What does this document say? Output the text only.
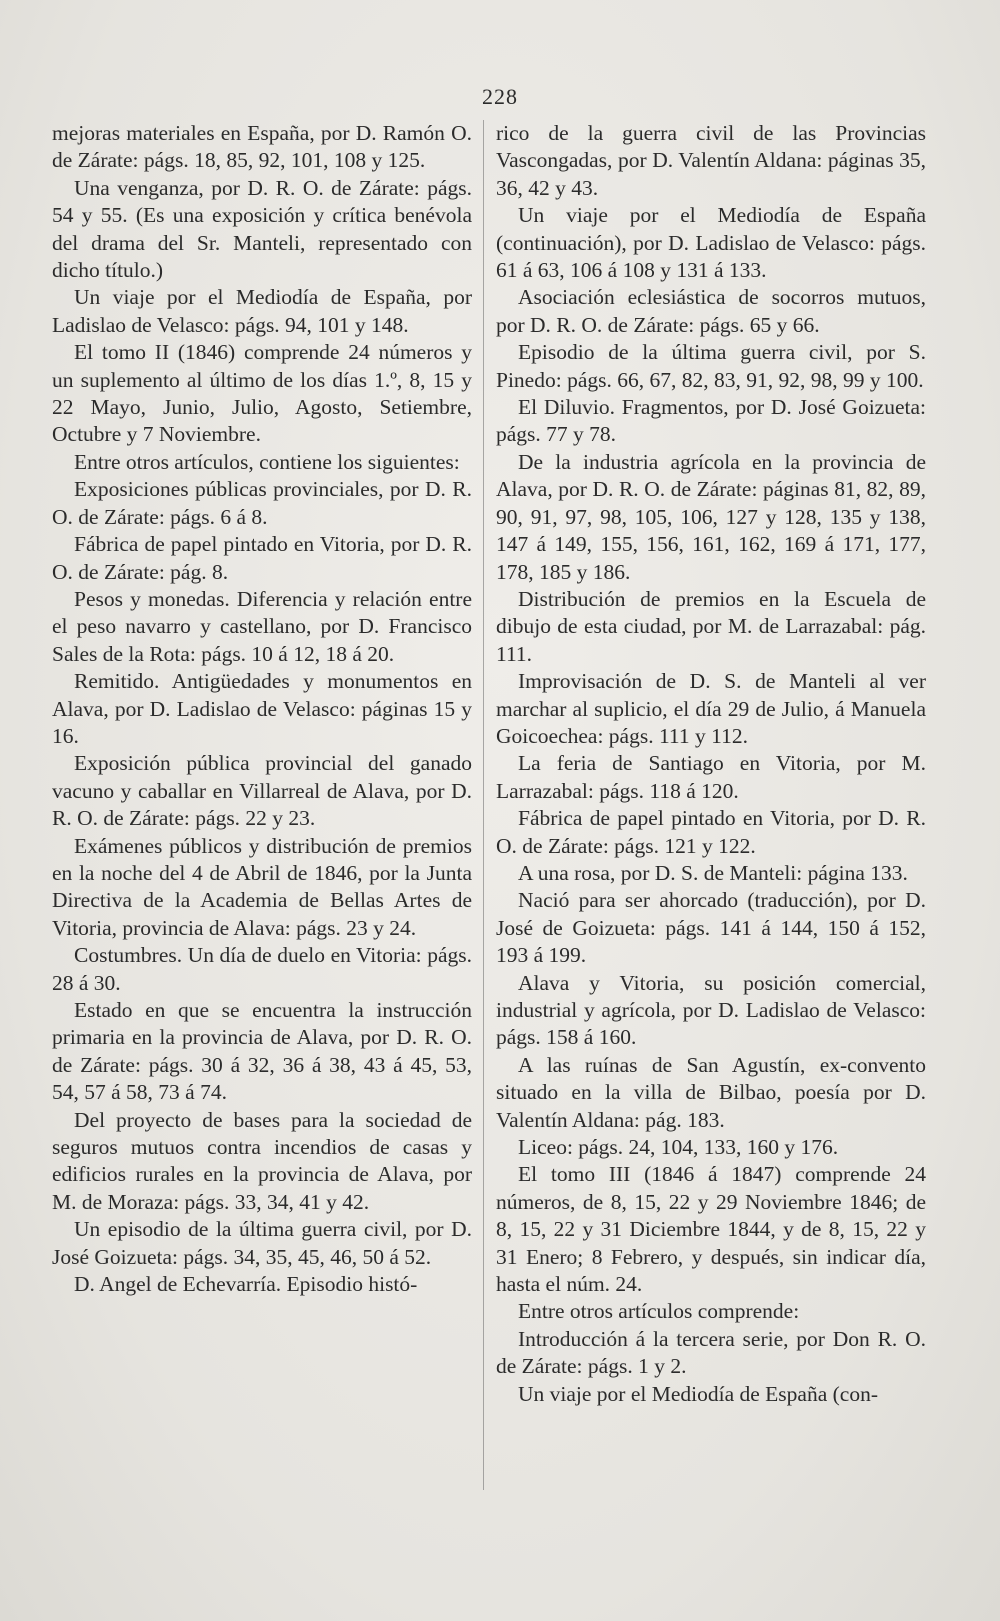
228

mejoras materiales en España, por D. Ramón O. de Zárate: págs. 18, 85, 92, 101, 108 y 125.

Una venganza, por D. R. O. de Zárate: págs. 54 y 55. (Es una exposición y crítica benévola del drama del Sr. Manteli, representado con dicho título.)

Un viaje por el Mediodía de España, por Ladislao de Velasco: págs. 94, 101 y 148.

El tomo II (1846) comprende 24 números y un suplemento al último de los días 1.º, 8, 15 y 22 Mayo, Junio, Julio, Agosto, Setiembre, Octubre y 7 Noviembre.

Entre otros artículos, contiene los siguientes:

Exposiciones públicas provinciales, por D. R. O. de Zárate: págs. 6 á 8.

Fábrica de papel pintado en Vitoria, por D. R. O. de Zárate: pág. 8.

Pesos y monedas. Diferencia y relación entre el peso navarro y castellano, por D. Francisco Sales de la Rota: págs. 10 á 12, 18 á 20.

Remitido. Antigüedades y monumentos en Alava, por D. Ladislao de Velasco: páginas 15 y 16.

Exposición pública provincial del ganado vacuno y caballar en Villarreal de Alava, por D. R. O. de Zárate: págs. 22 y 23.

Exámenes públicos y distribución de premios en la noche del 4 de Abril de 1846, por la Junta Directiva de la Academia de Bellas Artes de Vitoria, provincia de Alava: págs. 23 y 24.

Costumbres. Un día de duelo en Vitoria: págs. 28 á 30.

Estado en que se encuentra la instrucción primaria en la provincia de Alava, por D. R. O. de Zárate: págs. 30 á 32, 36 á 38, 43 á 45, 53, 54, 57 á 58, 73 á 74.

Del proyecto de bases para la sociedad de seguros mutuos contra incendios de casas y edificios rurales en la provincia de Alava, por M. de Moraza: págs. 33, 34, 41 y 42.

Un episodio de la última guerra civil, por D. José Goizueta: págs. 34, 35, 45, 46, 50 á 52.

D. Angel de Echevarría. Episodio histó-

rico de la guerra civil de las Provincias Vascongadas, por D. Valentín Aldana: páginas 35, 36, 42 y 43.

Un viaje por el Mediodía de España (continuación), por D. Ladislao de Velasco: págs. 61 á 63, 106 á 108 y 131 á 133.

Asociación eclesiástica de socorros mutuos, por D. R. O. de Zárate: págs. 65 y 66.

Episodio de la última guerra civil, por S. Pinedo: págs. 66, 67, 82, 83, 91, 92, 98, 99 y 100.

El Diluvio. Fragmentos, por D. José Goizueta: págs. 77 y 78.

De la industria agrícola en la provincia de Alava, por D. R. O. de Zárate: páginas 81, 82, 89, 90, 91, 97, 98, 105, 106, 127 y 128, 135 y 138, 147 á 149, 155, 156, 161, 162, 169 á 171, 177, 178, 185 y 186.

Distribución de premios en la Escuela de dibujo de esta ciudad, por M. de Larrazabal: pág. 111.

Improvisación de D. S. de Manteli al ver marchar al suplicio, el día 29 de Julio, á Manuela Goicoechea: págs. 111 y 112.

La feria de Santiago en Vitoria, por M. Larrazabal: págs. 118 á 120.

Fábrica de papel pintado en Vitoria, por D. R. O. de Zárate: págs. 121 y 122.

A una rosa, por D. S. de Manteli: página 133.

Nació para ser ahorcado (traducción), por D. José de Goizueta: págs. 141 á 144, 150 á 152, 193 á 199.

Alava y Vitoria, su posición comercial, industrial y agrícola, por D. Ladislao de Velasco: págs. 158 á 160.

A las ruínas de San Agustín, ex-convento situado en la villa de Bilbao, poesía por D. Valentín Aldana: pág. 183.

Liceo: págs. 24, 104, 133, 160 y 176.

El tomo III (1846 á 1847) comprende 24 números, de 8, 15, 22 y 29 Noviembre 1846; de 8, 15, 22 y 31 Diciembre 1844, y de 8, 15, 22 y 31 Enero; 8 Febrero, y después, sin indicar día, hasta el núm. 24.

Entre otros artículos comprende:

Introducción á la tercera serie, por Don R. O. de Zárate: págs. 1 y 2.

Un viaje por el Mediodía de España (con-
